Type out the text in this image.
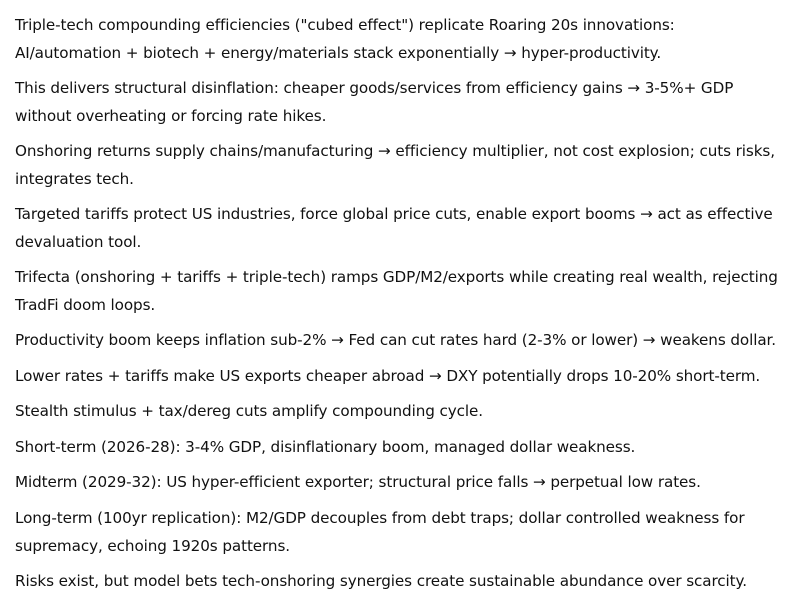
Triple-tech compounding efficiencies ("cubed effect") replicate Roaring 20s innovations: AI/automation + biotech + energy/materials stack exponentially → hyper-productivity.

This delivers structural disinflation: cheaper goods/services from efficiency gains → 3-5%+ GDP without overheating or forcing rate hikes.

Onshoring returns supply chains/manufacturing → efficiency multiplier, not cost explosion; cuts risks, integrates tech.

Targeted tariffs protect US industries, force global price cuts, enable export booms → act as effective devaluation tool.

Trifecta (onshoring + tariffs + triple-tech) ramps GDP/M2/exports while creating real wealth, rejecting TradFi doom loops.

Productivity boom keeps inflation sub-2% → Fed can cut rates hard (2-3% or lower) → weakens dollar.

Lower rates + tariffs make US exports cheaper abroad → DXY potentially drops 10-20% short-term.

Stealth stimulus + tax/dereg cuts amplify compounding cycle.

Short-term (2026-28): 3-4% GDP, disinflationary boom, managed dollar weakness.

Midterm (2029-32): US hyper-efficient exporter; structural price falls → perpetual low rates.

Long-term (100yr replication): M2/GDP decouples from debt traps; dollar controlled weakness for supremacy, echoing 1920s patterns.

Risks exist, but model bets tech-onshoring synergies create sustainable abundance over scarcity.
